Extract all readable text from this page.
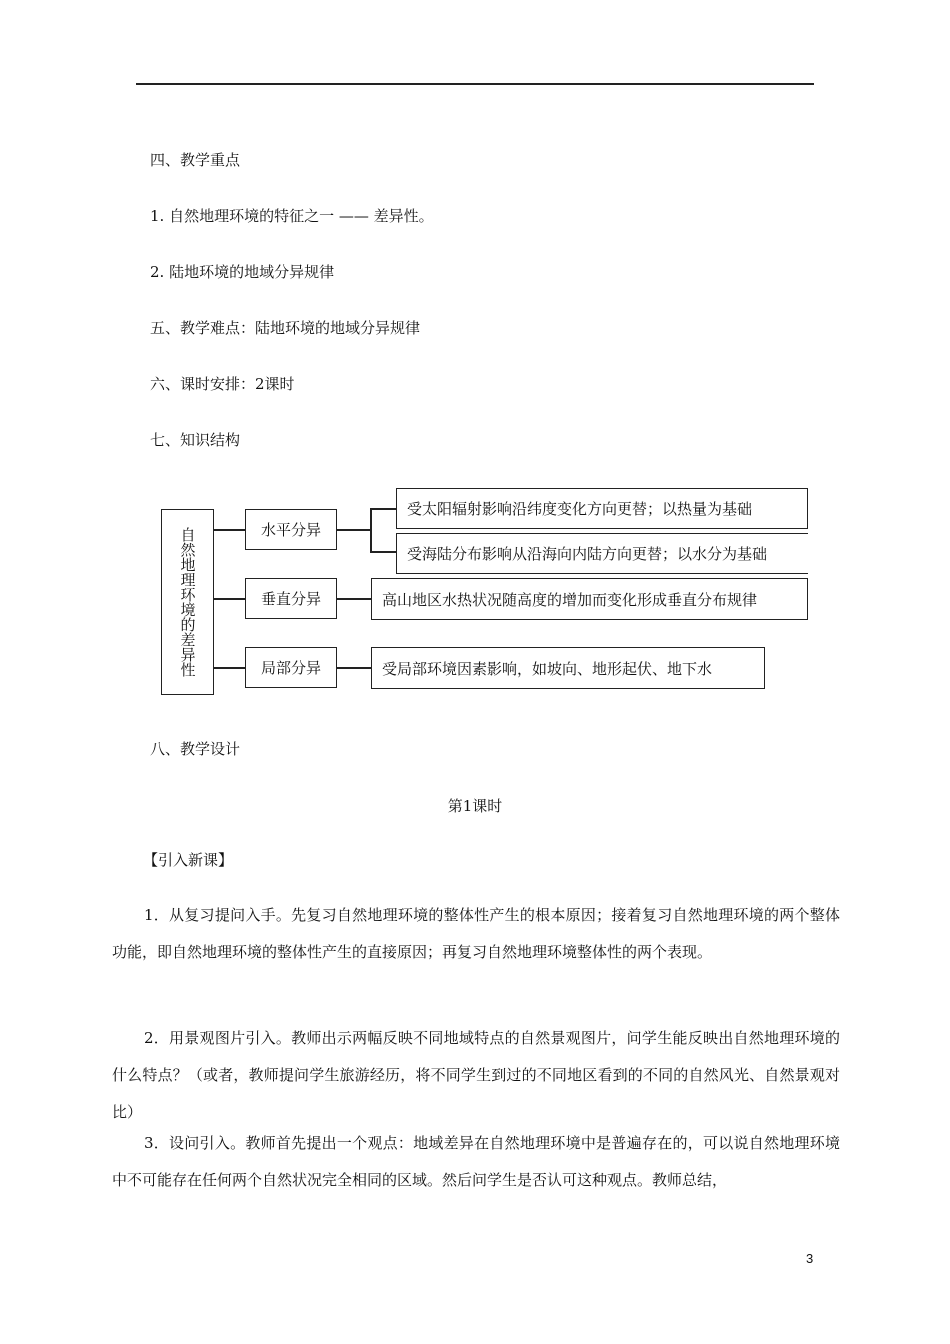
四、教学重点
1. 自然地理环境的特征之一 —— 差异性。
2. 陆地环境的地域分异规律
五、教学难点：陆地环境的地域分异规律
六、课时安排：2课时
七、知识结构
自然地理环境的差异性	水平分异
垂直分异
局部分异
受太阳辐射影响沿纬度变化方向更替；以热量为基础
受海陆分布影响从沿海向内陆方向更替；以水分为基础
高山地区水热状况随高度的增加而变化形成垂直分布规律
受局部环境因素影响，如坡向、地形起伏、地下水
八、教学设计
第1课时
【引入新课】
1．从复习提问入手。先复习自然地理环境的整体性产生的根本原因；接着复习自然地理环境的两个整体功能，即自然地理环境的整体性产生的直接原因；再复习自然地理环境整体性的两个表现。
2．用景观图片引入。教师出示两幅反映不同地域特点的自然景观图片，问学生能反映出自然地理环境的什么特点？（或者，教师提问学生旅游经历，将不同学生到过的不同地区看到的不同的自然风光、自然景观对比）
3．设问引入。教师首先提出一个观点：地域差异在自然地理环境中是普遍存在的，可以说自然地理环境中不可能存在任何两个自然状况完全相同的区域。然后问学生是否认可这种观点。教师总结，
3
